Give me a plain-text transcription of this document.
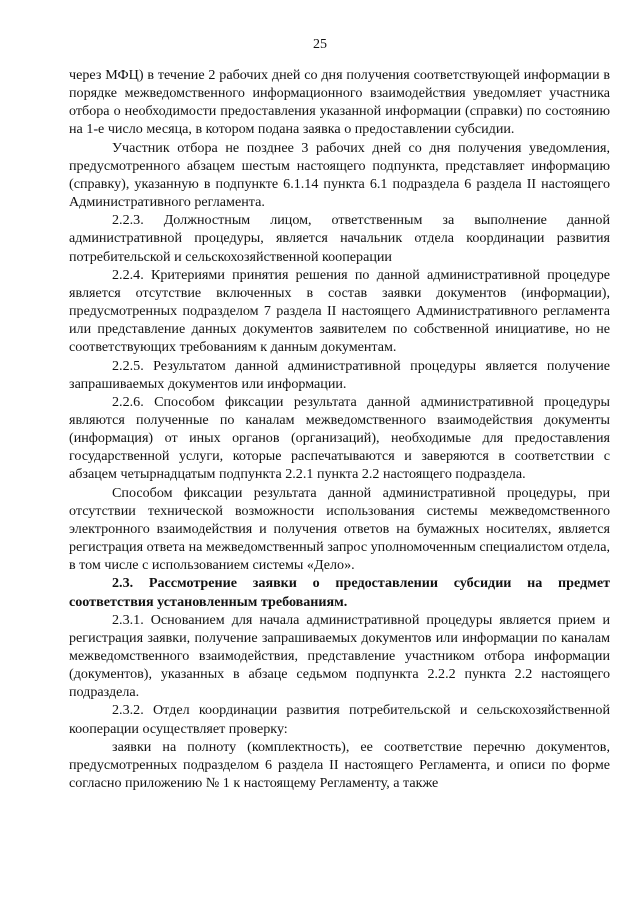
25

через МФЦ) в течение 2 рабочих дней со дня получения соответствующей информации в порядке межведомственного информационного взаимодействия уведомляет участника отбора о необходимости предоставления указанной информации (справки) по состоянию на 1-е число месяца, в котором подана заявка о предоставлении субсидии.

Участник отбора не позднее 3 рабочих дней со дня получения уведомления, предусмотренного абзацем шестым настоящего подпункта, представляет информацию (справку), указанную в подпункте 6.1.14 пункта 6.1 подраздела 6 раздела II настоящего Административного регламента.

2.2.3. Должностным лицом, ответственным за выполнение данной административной процедуры, является начальник отдела координации развития потребительской и сельскохозяйственной кооперации

2.2.4. Критериями принятия решения по данной административной процедуре является отсутствие включенных в состав заявки документов (информации), предусмотренных подразделом 7 раздела II настоящего Административного регламента или представление данных документов заявителем по собственной инициативе, но не соответствующих требованиям к данным документам.

2.2.5. Результатом данной административной процедуры является получение запрашиваемых документов или информации.

2.2.6. Способом фиксации результата данной административной процедуры являются полученные по каналам межведомственного взаимодействия документы (информация) от иных органов (организаций), необходимые для предоставления государственной услуги, которые распечатываются и заверяются в соответствии с абзацем четырнадцатым подпункта 2.2.1 пункта 2.2 настоящего подраздела.

Способом фиксации результата данной административной процедуры, при отсутствии технической возможности использования системы межведомственного электронного взаимодействия и получения ответов на бумажных носителях, является регистрация ответа на межведомственный запрос уполномоченным специалистом отдела, в том числе с использованием системы «Дело».

2.3. Рассмотрение заявки о предоставлении субсидии на предмет соответствия установленным требованиям.

2.3.1. Основанием для начала административной процедуры является прием и регистрация заявки, получение запрашиваемых документов или информации по каналам межведомственного взаимодействия, представление участником отбора информации (документов), указанных в абзаце седьмом подпункта 2.2.2 пункта 2.2 настоящего подраздела.

2.3.2. Отдел координации развития потребительской и сельскохозяйственной кооперации осуществляет проверку:

заявки на полноту (комплектность), ее соответствие перечню документов, предусмотренных подразделом 6 раздела II настоящего Регламента, и описи по форме согласно приложению № 1 к настоящему Регламенту, а также
